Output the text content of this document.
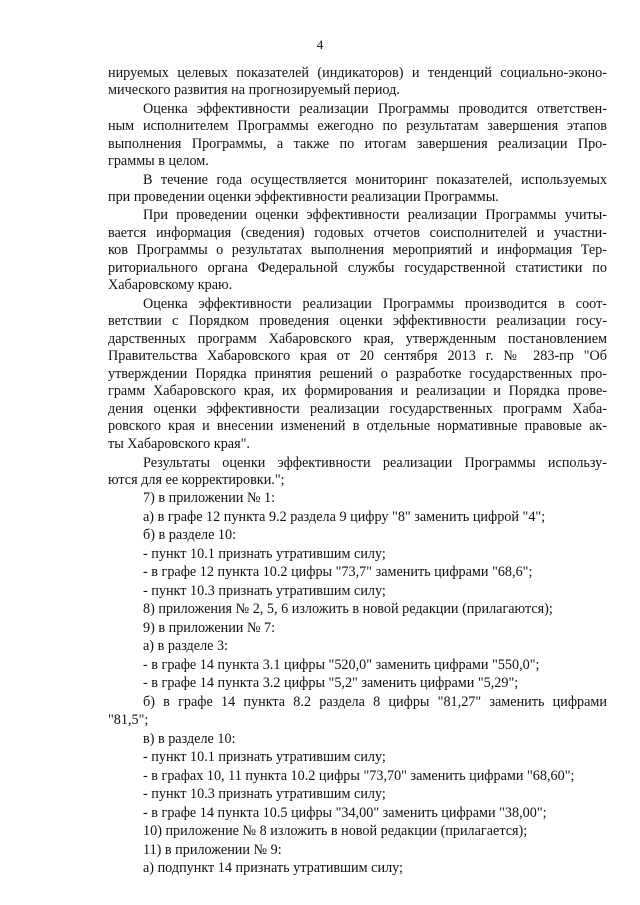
4
нируемых целевых показателей (индикаторов) и тенденций социально-эконо-
мического развития на прогнозируемый период.
Оценка эффективности реализации Программы проводится ответствен-
ным исполнителем Программы ежегодно по результатам завершения этапов
выполнения Программы, а также по итогам завершения реализации Про-
граммы в целом.
В течение года осуществляется мониторинг показателей, используемых
при проведении оценки эффективности реализации Программы.
При проведении оценки эффективности реализации Программы учиты-
вается информация (сведения) годовых отчетов соисполнителей и участни-
ков Программы о результатах выполнения мероприятий и информация Тер-
риториального органа Федеральной службы государственной статистики по
Хабаровскому краю.
Оценка эффективности реализации Программы производится в соот-
ветствии с Порядком проведения оценки эффективности реализации госу-
дарственных программ Хабаровского края, утвержденным постановлением
Правительства Хабаровского края от 20 сентября 2013 г. № 283-пр "Об
утверждении Порядка принятия решений о разработке государственных про-
грамм Хабаровского края, их формирования и реализации и Порядка прове-
дения оценки эффективности реализации государственных программ Хаба-
ровского края и внесении изменений в отдельные нормативные правовые ак-
ты Хабаровского края".
Результаты оценки эффективности реализации Программы использу-
ются для ее корректировки.";
7) в приложении № 1:
а) в графе 12 пункта 9.2 раздела 9 цифру "8" заменить цифрой "4";
б) в разделе 10:
- пункт 10.1 признать утратившим силу;
- в графе 12 пункта 10.2 цифры "73,7" заменить цифрами "68,6";
- пункт 10.3 признать утратившим силу;
8) приложения № 2, 5, 6 изложить в новой редакции (прилагаются);
9) в приложении № 7:
а) в разделе 3:
- в графе 14 пункта 3.1 цифры "520,0" заменить цифрами "550,0";
- в графе 14 пункта 3.2 цифры "5,2" заменить цифрами "5,29";
б) в графе 14 пункта 8.2 раздела 8 цифры "81,27" заменить цифрами
"81,5";
в) в разделе 10:
- пункт 10.1 признать утратившим силу;
- в графах 10, 11 пункта 10.2 цифры "73,70" заменить цифрами "68,60";
- пункт 10.3 признать утратившим силу;
- в графе 14 пункта 10.5 цифры "34,00" заменить цифрами "38,00";
10) приложение № 8 изложить в новой редакции (прилагается);
11) в приложении № 9:
а) подпункт 14 признать утратившим силу;
